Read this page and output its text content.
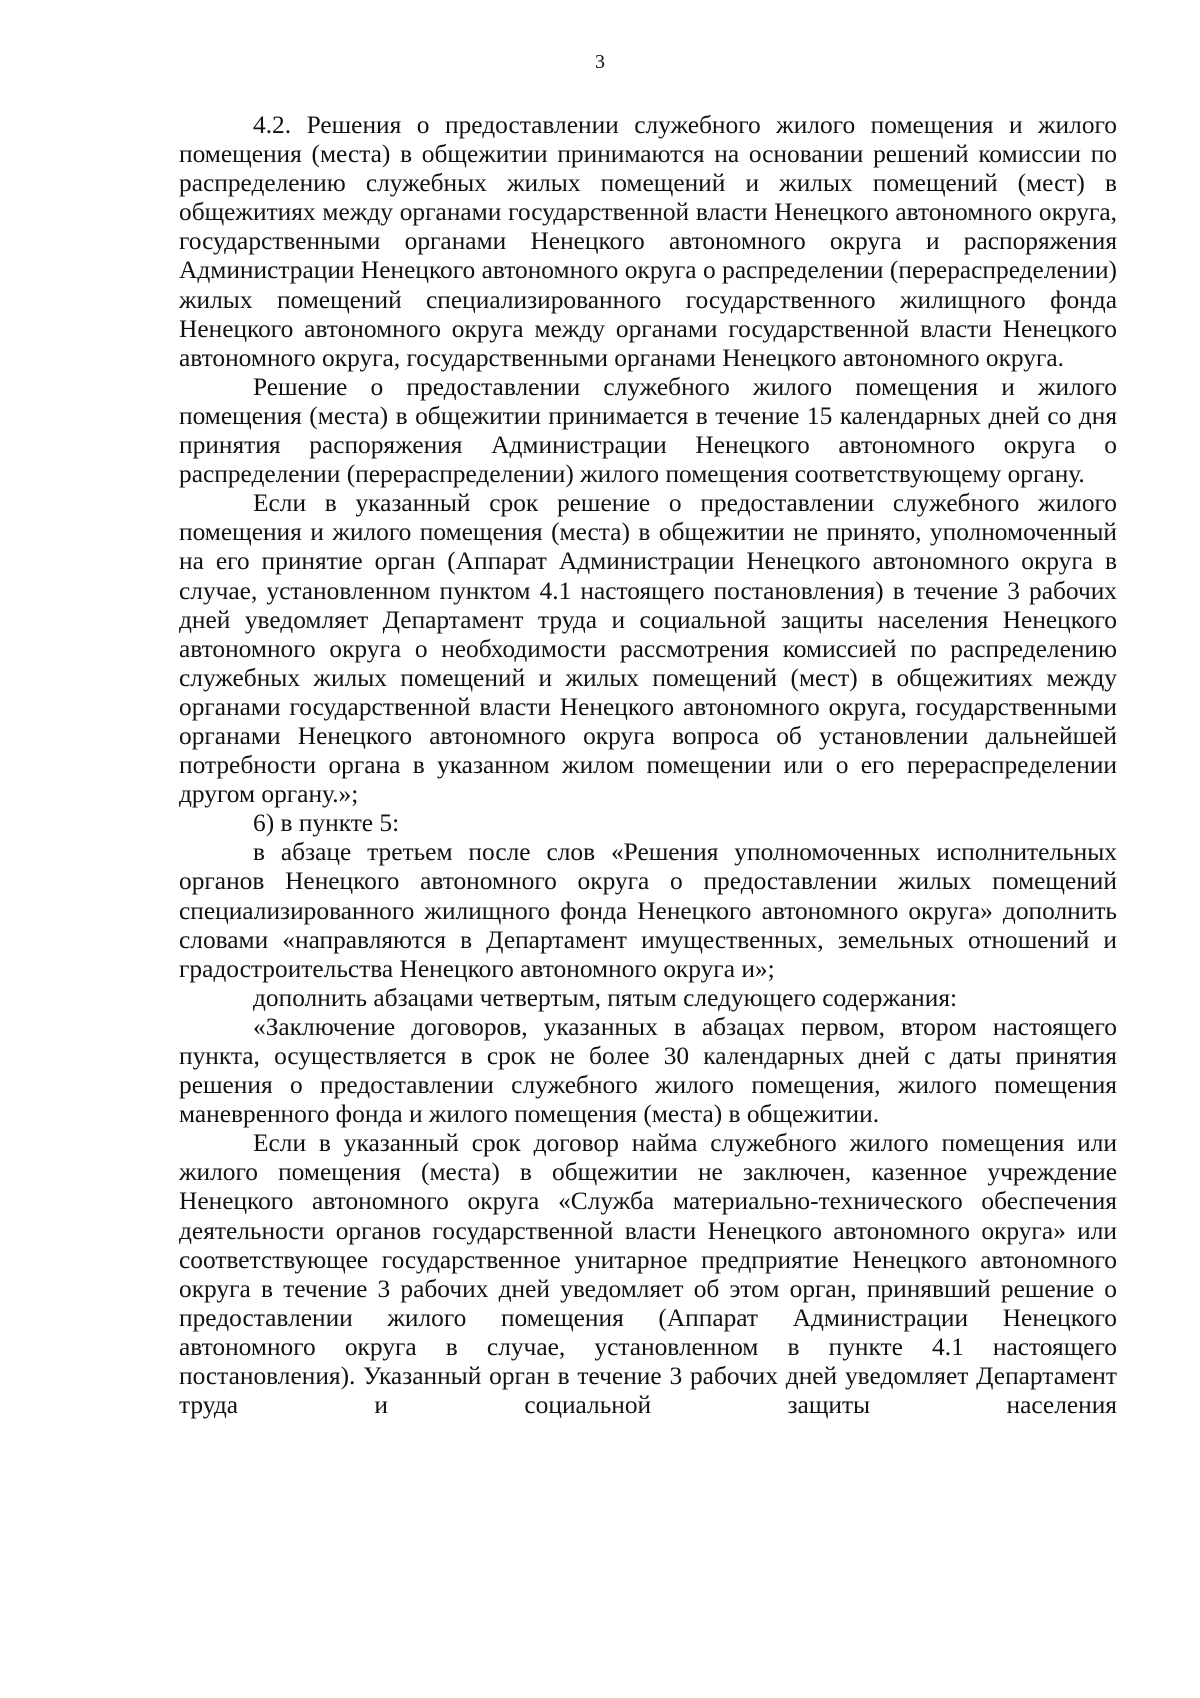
3

4.2. Решения о предоставлении служебного жилого помещения и жилого помещения (места) в общежитии принимаются на основании решений комиссии по распределению служебных жилых помещений и жилых помещений (мест) в общежитиях между органами государственной власти Ненецкого автономного округа, государственными органами Ненецкого автономного округа и распоряжения Администрации Ненецкого автономного округа о распределении (перераспределении) жилых помещений специализированного государственного жилищного фонда Ненецкого автономного округа между органами государственной власти Ненецкого автономного округа, государственными органами Ненецкого автономного округа.

Решение о предоставлении служебного жилого помещения и жилого помещения (места) в общежитии принимается в течение 15 календарных дней со дня принятия распоряжения Администрации Ненецкого автономного округа о распределении (перераспределении) жилого помещения соответствующему органу.

Если в указанный срок решение о предоставлении служебного жилого помещения и жилого помещения (места) в общежитии не принято, уполномоченный на его принятие орган (Аппарат Администрации Ненецкого автономного округа в случае, установленном пунктом 4.1 настоящего постановления) в течение 3 рабочих дней уведомляет Департамент труда и социальной защиты населения Ненецкого автономного округа о необходимости рассмотрения комиссией по распределению служебных жилых помещений и жилых помещений (мест) в общежитиях между органами государственной власти Ненецкого автономного округа, государственными органами Ненецкого автономного округа вопроса об установлении дальнейшей потребности органа в указанном жилом помещении или о его перераспределении другом органу.»;

6) в пункте 5:

в абзаце третьем после слов «Решения уполномоченных исполнительных органов Ненецкого автономного округа о предоставлении жилых помещений специализированного жилищного фонда Ненецкого автономного округа» дополнить словами «направляются в Департамент имущественных, земельных отношений и градостроительства Ненецкого автономного округа и»;

дополнить абзацами четвертым, пятым следующего содержания:

«Заключение договоров, указанных в абзацах первом, втором настоящего пункта, осуществляется в срок не более 30 календарных дней с даты принятия решения о предоставлении служебного жилого помещения, жилого помещения маневренного фонда и жилого помещения (места) в общежитии.

Если в указанный срок договор найма служебного жилого помещения или жилого помещения (места) в общежитии не заключен, казенное учреждение Ненецкого автономного округа «Служба материально-технического обеспечения деятельности органов государственной власти Ненецкого автономного округа» или соответствующее государственное унитарное предприятие Ненецкого автономного округа в течение 3 рабочих дней уведомляет об этом орган, принявший решение о предоставлении жилого помещения (Аппарат Администрации Ненецкого автономного округа в случае, установленном в пункте 4.1 настоящего постановления). Указанный орган в течение 3 рабочих дней уведомляет Департамент труда и социальной защиты населения
